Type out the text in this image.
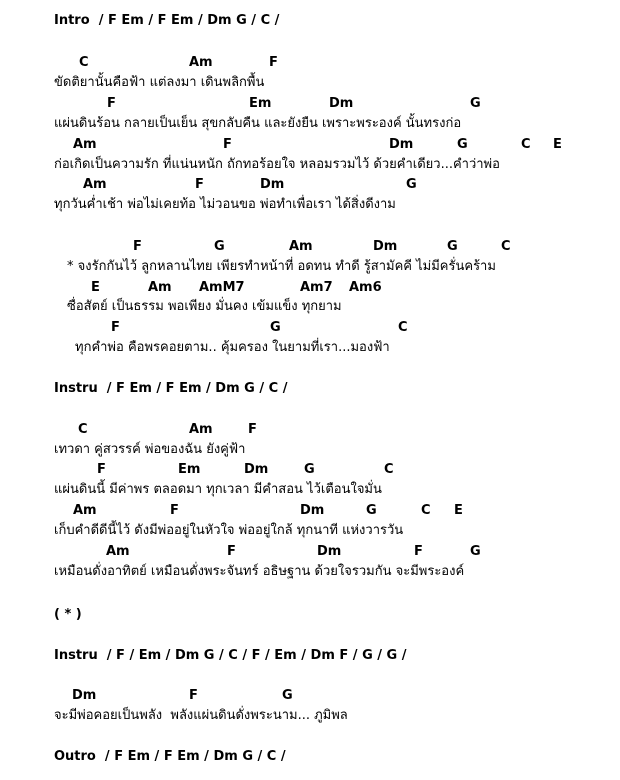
Intro  / F Em / F Em / Dm G / C /
C	Am	F
ขัดติยานั้นคือฟ้า แต่ลงมา เดินพลิกพื้น
F	Em	Dm	G
แผ่นดินร้อน กลายเป็นเย็น สุขกลับคืน และยังยืน เพราะพระองค์ นั้นทรงก่อ
Am	F	Dm	G	C E
ก่อเกิดเป็นความรัก ที่แน่นหนัก ถักทอร้อยใจ หลอมรวมไว้ ด้วยคำเดียว...คำว่าพ่อ
Am	F	Dm	G
ทุกวันค่ำเช้า พ่อไม่เคยท้อ ไม่วอนขอ พ่อทำเพื่อเรา ได้สิ่งดีงาม
F	G	Am	Dm	G	C
* จงรักกันไว้ ลูกหลานไทย เพียรทำหน้าที่ อดทน ทำดี รู้สามัคคี ไม่มีครั่นคร้าม
E	Am AmM7	Am7 Am6
ซื่อสัตย์ เป็นธรรม พอเพียง มั่นคง เข้มแข็ง ทุกยาม
F	G	C
ทุกคำพ่อ คือพรคอยตาม.. คุ้มครอง ในยามที่เรา...มองฟ้า
Instru  / F Em / F Em / Dm G / C /
C	Am	F
เทวดา คู่สวรรค์ พ่อของฉัน ยังคู่ฟ้า
F	Em	Dm	G	C
แผ่นดินนี้ มีค่าพร ตลอดมา ทุกเวลา มีคำสอน ไว้เตือนใจมั่น
Am	F	Dm	G	C E
เก็บคำดีดีนี้ไว้ ดังมีพ่ออยู่ในหัวใจ พ่ออยู่ใกล้ ทุกนาที แห่งวารวัน
Am	F	Dm	F	G
เหมือนดั่งอาทิตย์ เหมือนดั่งพระจันทร์ อธิษฐาน ด้วยใจรวมกัน จะมีพระองค์
( * )
Instru  / F / Em / Dm G / C / F / Em / Dm F / G / G /
Dm	F	G
จะมีพ่อคอยเป็นพลัง  พลังแผ่นดินดั่งพระนาม... ภูมิพล
Outro  / F Em / F Em / Dm G / C /
